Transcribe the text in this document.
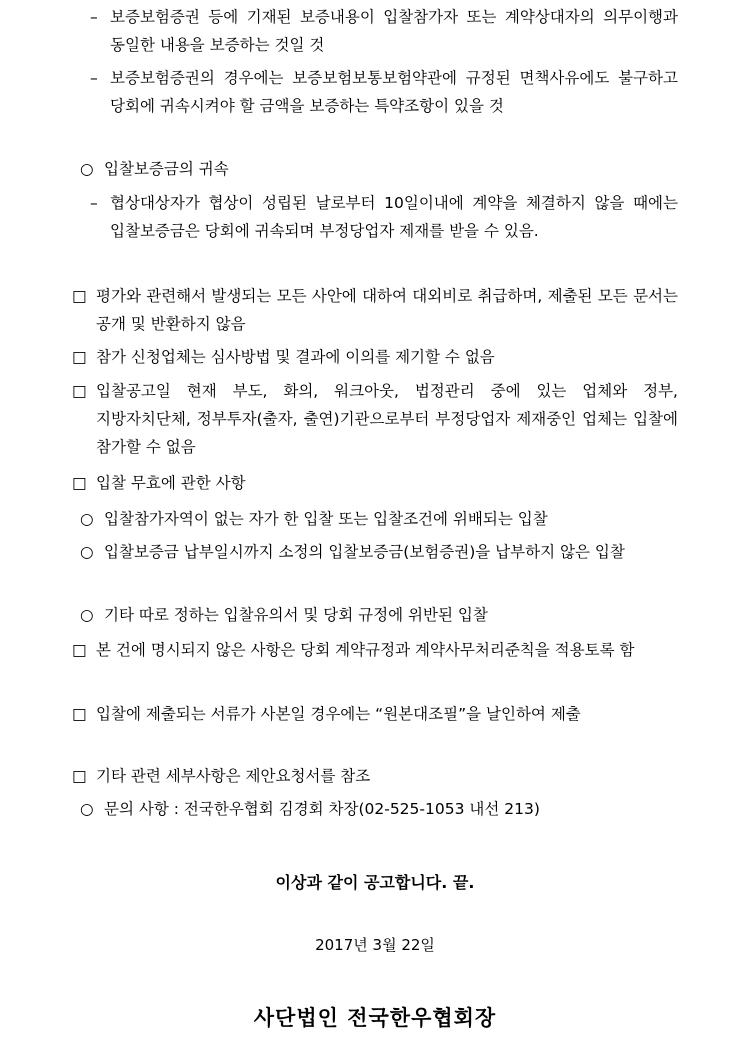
– 보증보험증권 등에 기재된 보증내용이 입찰참가자 또는 계약상대자의 의무이행과 동일한 내용을 보증하는 것일 것
– 보증보험증권의 경우에는 보증보험보통보험약관에 규정된 면책사유에도 불구하고 당회에 귀속시켜야 할 금액을 보증하는 특약조항이 있을 것
○ 입찰보증금의 귀속
– 협상대상자가 협상이 성립된 날로부터 10일이내에 계약을 체결하지 않을 때에는 입찰보증금은 당회에 귀속되며 부정당업자 제재를 받을 수 있음.
□ 평가와 관련해서 발생되는 모든 사안에 대하여 대외비로 취급하며, 제출된 모든 문서는 공개 및 반환하지 않음
□ 참가 신청업체는 심사방법 및 결과에 이의를 제기할 수 없음
□ 입찰공고일 현재 부도, 화의, 워크아웃, 법정관리 중에 있는 업체와 정부, 지방자치단체, 정부투자(출자, 출연)기관으로부터 부정당업자 제재중인 업체는 입찰에 참가할 수 없음
□ 입찰 무효에 관한 사항
○ 입찰참가자역이 없는 자가 한 입찰 또는 입찰조건에 위배되는 입찰
○ 입찰보증금 납부일시까지 소정의 입찰보증금(보험증권)을 납부하지 않은 입찰
○ 기타 따로 정하는 입찰유의서 및 당회 규정에 위반된 입찰
□ 본 건에 명시되지 않은 사항은 당회 계약규정과 계약사무처리준칙을 적용토록 함
□ 입찰에 제출되는 서류가 사본일 경우에는 “원본대조필”을 날인하여 제출
□ 기타 관련 세부사항은 제안요청서를 참조
○ 문의 사항 : 전국한우협회 김경회 차장(02-525-1053 내선 213)
이상과 같이 공고합니다. 끝.
2017년 3월 22일
사단법인 전국한우협회장
